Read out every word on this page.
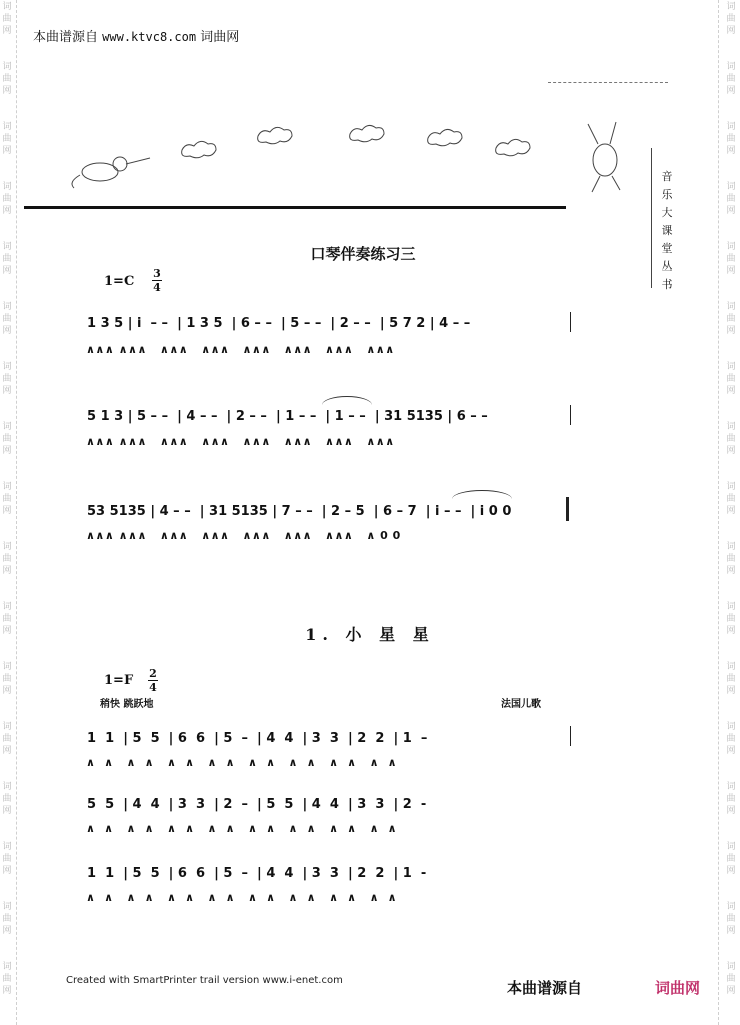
词
曲
网
词
曲
网
词
曲
网
词
曲
网
词
曲
网
词
曲
网
词
曲
网
词
曲
网
词
曲
网
词
曲
网
词
曲
网
词
曲
网
词
曲
网
词
曲
网
词
曲
网
词
曲
网
词
曲
网
词
曲
网
词
曲
网
词
曲
网
词
曲
网
词
曲
网
词
曲
网
词
曲
网
词
曲
网
词
曲
网
词
曲
网
词
曲
网
词
曲
网
词
曲
网
词
曲
网
词
曲
网
词
曲
网
词
曲
网
本曲谱源自 www.ktvc8.com 词曲网
音
乐
大
课
堂
丛
书
口琴伴奏练习三
1=C
3
4
1 3 5 | i  – –  | 1 3 5  | 6 – –  | 5 – –  | 2 – –  | 5 7 2 | 4 – –
∧∧∧ ∧∧∧   ∧∧∧   ∧∧∧   ∧∧∧   ∧∧∧   ∧∧∧   ∧∧∧
5 1 3 | 5 – –  | 4 – –  | 2 – –  | 1 – –  | 1 – –  | 31 5135 | 6 – –
∧∧∧ ∧∧∧   ∧∧∧   ∧∧∧   ∧∧∧   ∧∧∧   ∧∧∧   ∧∧∧
53 5135 | 4 – –  | 31 5135 | 7 – –  | 2 – 5  | 6 – 7  | i – –  | i 0 0
∧∧∧ ∧∧∧   ∧∧∧   ∧∧∧   ∧∧∧   ∧∧∧   ∧∧∧   ∧ 0 0
1. 小 星 星
1=F 2
4
稍快 跳跃地	法国儿歌
1  1  | 5  5  | 6  6  | 5  –  | 4  4  | 3  3  | 2  2  | 1  –
∧  ∧   ∧  ∧   ∧  ∧   ∧  ∧   ∧  ∧   ∧  ∧   ∧  ∧   ∧  ∧
5  5  | 4  4  | 3  3  | 2  –  | 5  5  | 4  4  | 3  3  | 2  -
∧  ∧   ∧  ∧   ∧  ∧   ∧  ∧   ∧  ∧   ∧  ∧   ∧  ∧   ∧  ∧
1  1  | 5  5  | 6  6  | 5  –  | 4  4  | 3  3  | 2  2  | 1  -
∧  ∧   ∧  ∧   ∧  ∧   ∧  ∧   ∧  ∧   ∧  ∧   ∧  ∧   ∧  ∧
Created with SmartPrinter trail version www.i-enet.com	本曲谱源自	词曲网
